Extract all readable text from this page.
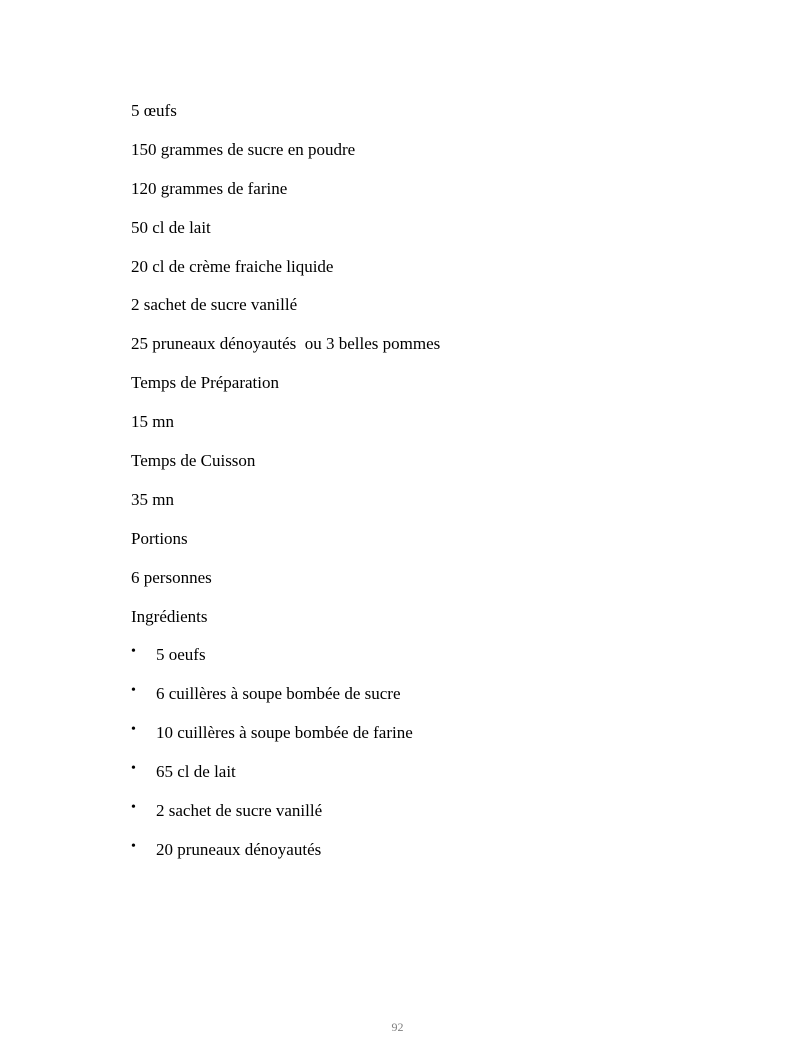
5 œufs
150 grammes de sucre en poudre
120 grammes de farine
50 cl de lait
20 cl de crème fraiche liquide
2 sachet de sucre vanillé
25 pruneaux dénoyautés  ou 3 belles pommes
Temps de Préparation
15 mn
Temps de Cuisson
35 mn
Portions
6 personnes
Ingrédients

•

5 oeufs

•

6 cuillères à soupe bombée de sucre

•

10 cuillères à soupe bombée de farine

•

65 cl de lait

•

2 sachet de sucre vanillé

•

20 pruneaux dénoyautés

92
